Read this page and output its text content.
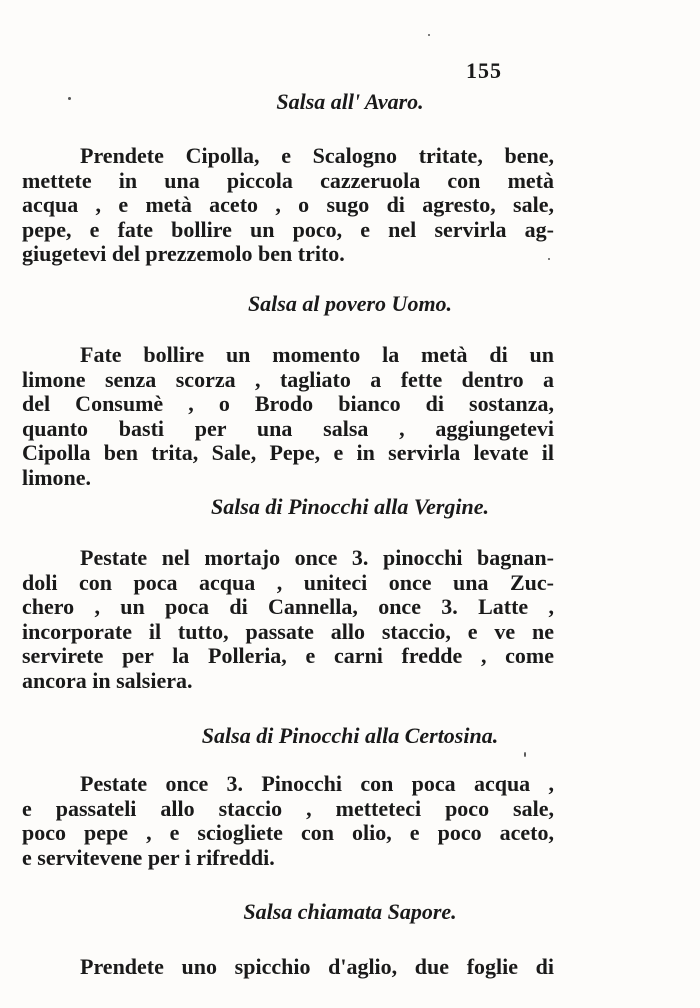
155
Salsa all' Avaro.
Prendete Cipolla, e Scalogno tritate, bene,
mettete in una piccola cazzeruola con metà
acqua , e metà aceto , o sugo di agresto, sale,
pepe, e fate bollire un poco, e nel servirla ag-
giugetevi del prezzemolo ben trito.
Salsa al povero Uomo.
Fate bollire un momento la metà di un
limone senza scorza , tagliato a fette dentro a
del Consumè , o Brodo bianco di sostanza,
quanto basti per una salsa , aggiungetevi
Cipolla ben trita, Sale, Pepe, e in servirla levate il
limone.
Salsa di Pinocchi alla Vergine.
Pestate nel mortajo once 3. pinocchi bagnan-
doli con poca acqua , uniteci once una Zuc-
chero , un poca di Cannella, once 3. Latte ,
incorporate il tutto, passate allo staccio, e ve ne
servirete per la Polleria, e carni fredde , come
ancora in salsiera.
Salsa di Pinocchi alla Certosina.
Pestate once 3. Pinocchi con poca acqua ,
e passateli allo staccio , metteteci poco sale,
poco pepe , e sciogliete con olio, e poco aceto,
e servitevene per i rifreddi.
Salsa chiamata Sapore.
Prendete uno spicchio d'aglio, due foglie di
